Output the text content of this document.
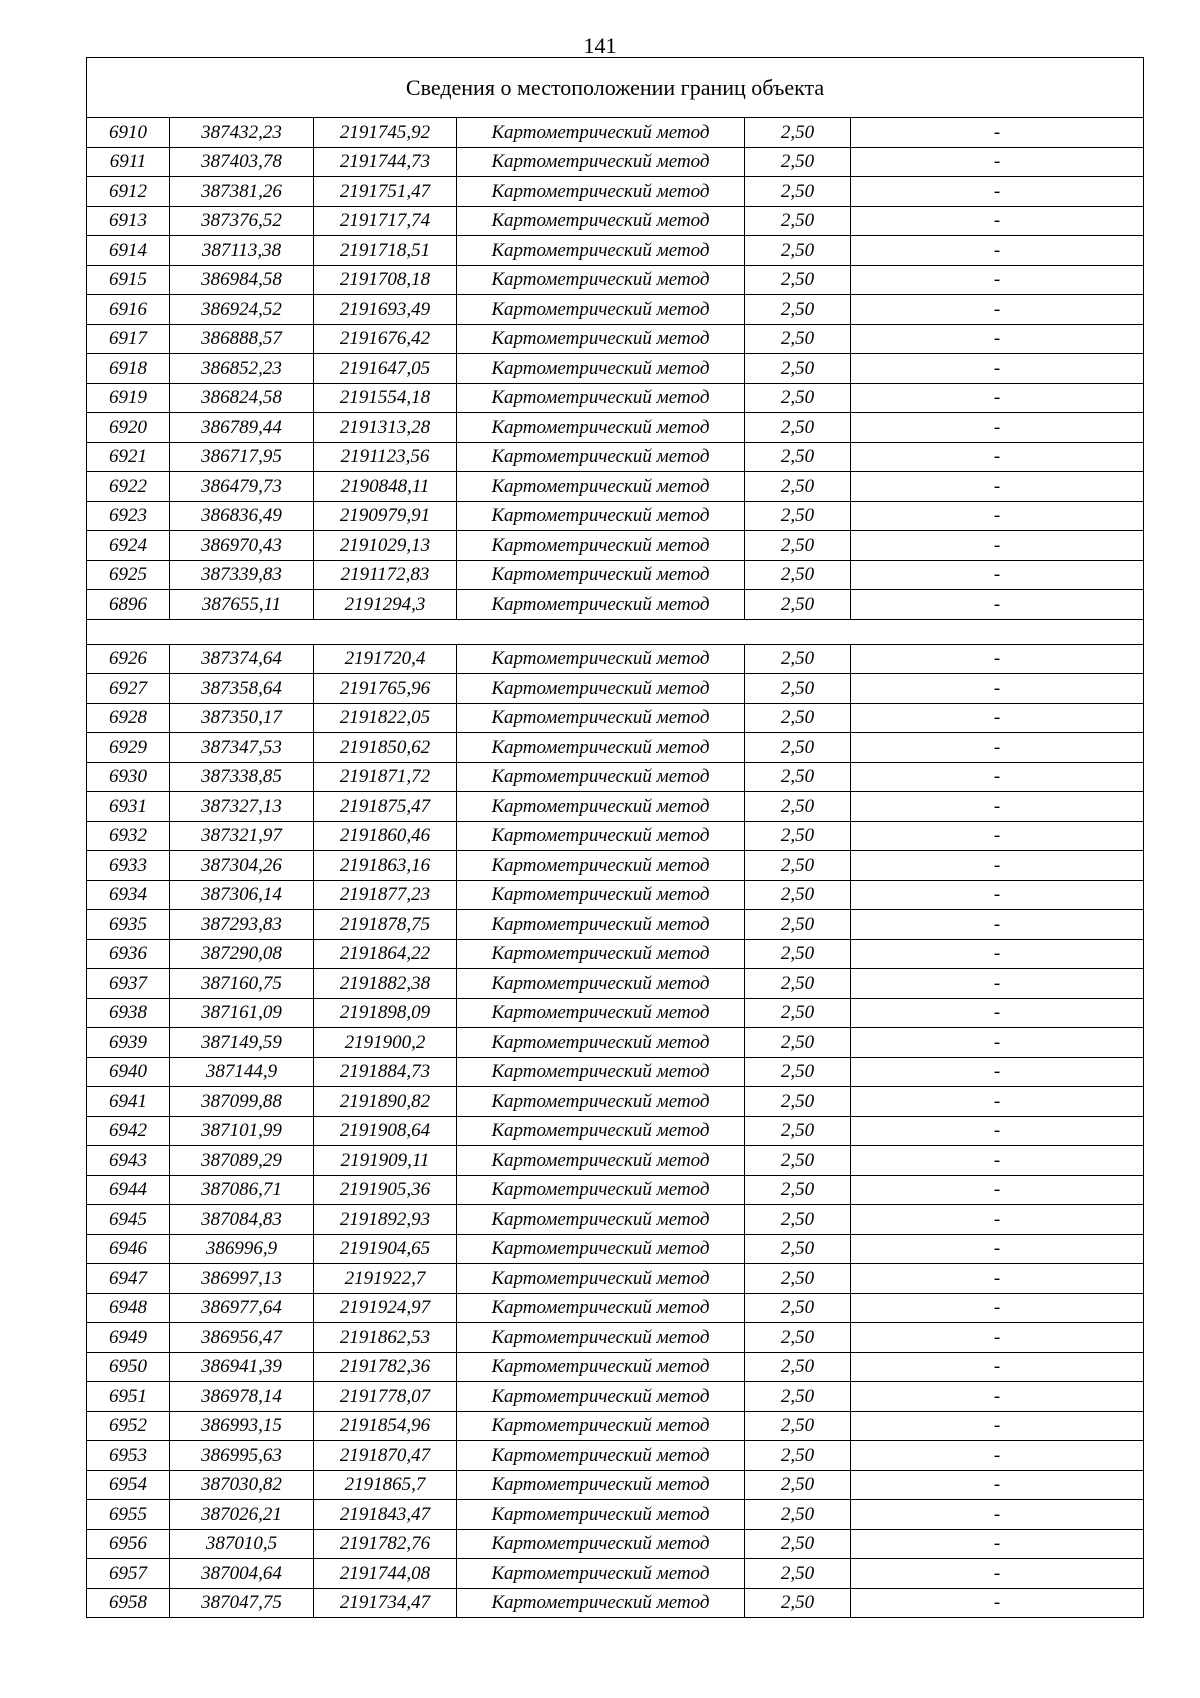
141
Сведения о местоположении границ объекта					
6910	387432,23	2191745,92	Картометрический метод	2,50	-
6911	387403,78	2191744,73	Картометрический метод	2,50	-
6912	387381,26	2191751,47	Картометрический метод	2,50	-
6913	387376,52	2191717,74	Картометрический метод	2,50	-
6914	387113,38	2191718,51	Картометрический метод	2,50	-
6915	386984,58	2191708,18	Картометрический метод	2,50	-
6916	386924,52	2191693,49	Картометрический метод	2,50	-
6917	386888,57	2191676,42	Картометрический метод	2,50	-
6918	386852,23	2191647,05	Картометрический метод	2,50	-
6919	386824,58	2191554,18	Картометрический метод	2,50	-
6920	386789,44	2191313,28	Картометрический метод	2,50	-
6921	386717,95	2191123,56	Картометрический метод	2,50	-
6922	386479,73	2190848,11	Картометрический метод	2,50	-
6923	386836,49	2190979,91	Картометрический метод	2,50	-
6924	386970,43	2191029,13	Картометрический метод	2,50	-
6925	387339,83	2191172,83	Картометрический метод	2,50	-
6896	387655,11	2191294,3	Картометрический метод	2,50	-

6926	387374,64	2191720,4	Картометрический метод	2,50	-
6927	387358,64	2191765,96	Картометрический метод	2,50	-
6928	387350,17	2191822,05	Картометрический метод	2,50	-
6929	387347,53	2191850,62	Картометрический метод	2,50	-
6930	387338,85	2191871,72	Картометрический метод	2,50	-
6931	387327,13	2191875,47	Картометрический метод	2,50	-
6932	387321,97	2191860,46	Картометрический метод	2,50	-
6933	387304,26	2191863,16	Картометрический метод	2,50	-
6934	387306,14	2191877,23	Картометрический метод	2,50	-
6935	387293,83	2191878,75	Картометрический метод	2,50	-
6936	387290,08	2191864,22	Картометрический метод	2,50	-
6937	387160,75	2191882,38	Картометрический метод	2,50	-
6938	387161,09	2191898,09	Картометрический метод	2,50	-
6939	387149,59	2191900,2	Картометрический метод	2,50	-
6940	387144,9	2191884,73	Картометрический метод	2,50	-
6941	387099,88	2191890,82	Картометрический метод	2,50	-
6942	387101,99	2191908,64	Картометрический метод	2,50	-
6943	387089,29	2191909,11	Картометрический метод	2,50	-
6944	387086,71	2191905,36	Картометрический метод	2,50	-
6945	387084,83	2191892,93	Картометрический метод	2,50	-
6946	386996,9	2191904,65	Картометрический метод	2,50	-
6947	386997,13	2191922,7	Картометрический метод	2,50	-
6948	386977,64	2191924,97	Картометрический метод	2,50	-
6949	386956,47	2191862,53	Картометрический метод	2,50	-
6950	386941,39	2191782,36	Картометрический метод	2,50	-
6951	386978,14	2191778,07	Картометрический метод	2,50	-
6952	386993,15	2191854,96	Картометрический метод	2,50	-
6953	386995,63	2191870,47	Картометрический метод	2,50	-
6954	387030,82	2191865,7	Картометрический метод	2,50	-
6955	387026,21	2191843,47	Картометрический метод	2,50	-
6956	387010,5	2191782,76	Картометрический метод	2,50	-
6957	387004,64	2191744,08	Картометрический метод	2,50	-
6958	387047,75	2191734,47	Картометрический метод	2,50	-
